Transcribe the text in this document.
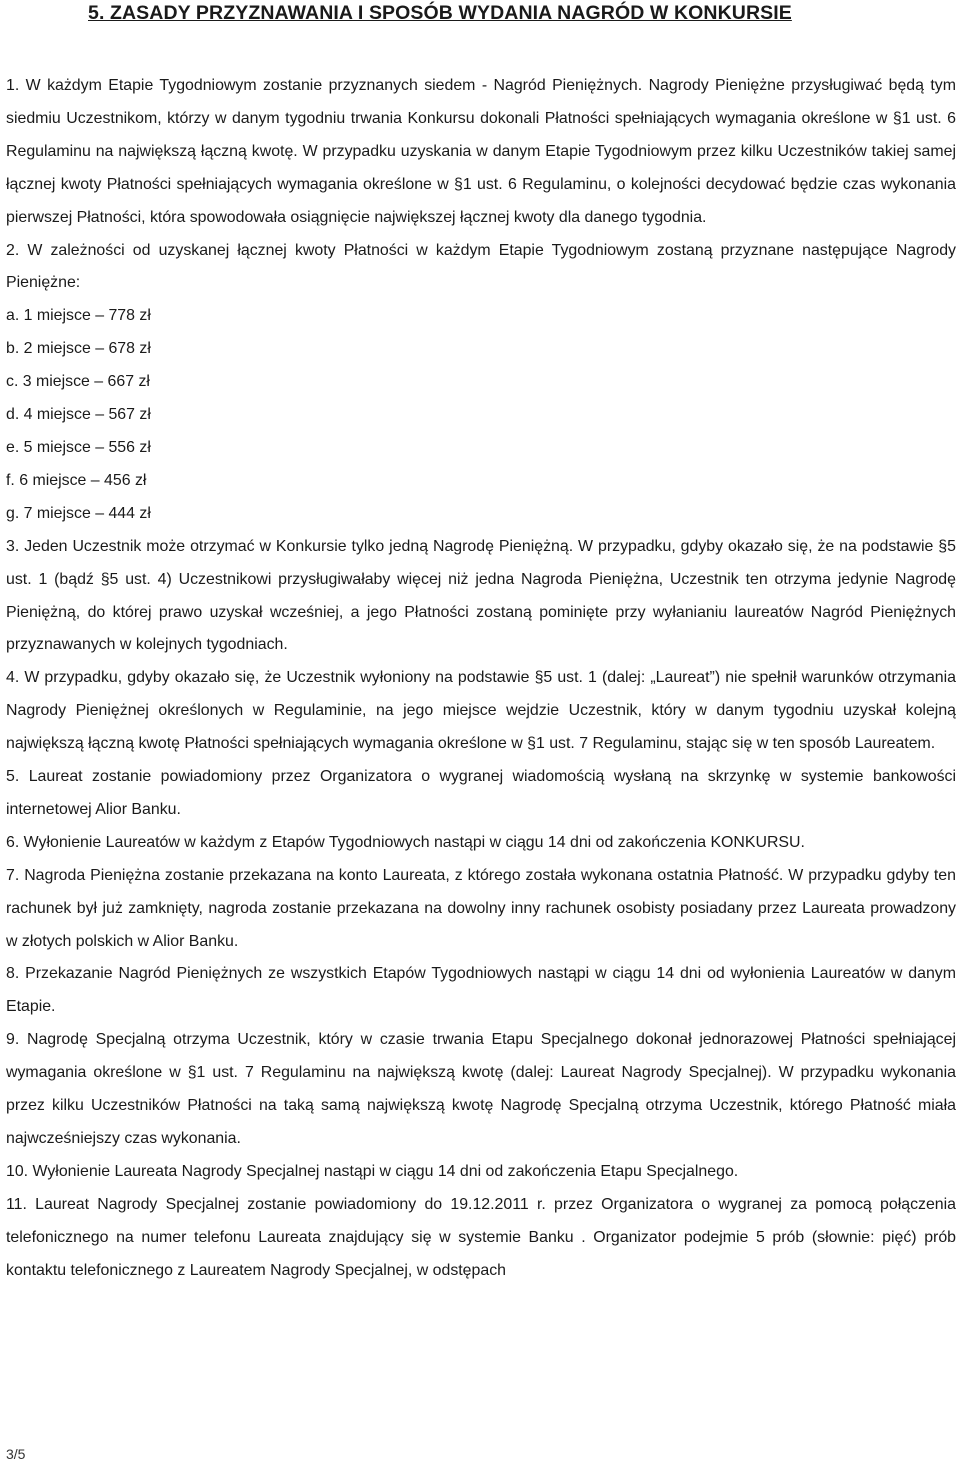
5. ZASADY PRZYZNAWANIA I SPOSÓB WYDANIA NAGRÓD W KONKURSIE

1. W każdym Etapie Tygodniowym zostanie przyznanych siedem - Nagród Pieniężnych. Nagrody Pieniężne przysługiwać będą tym siedmiu Uczestnikom, którzy w danym tygodniu trwania Konkursu dokonali Płatności spełniających wymagania określone w §1 ust. 6 Regulaminu na największą łączną kwotę. W przypadku uzyskania w danym Etapie Tygodniowym przez kilku Uczestników takiej samej łącznej kwoty Płatności spełniających wymagania określone w §1 ust. 6 Regulaminu, o kolejności decydować będzie czas wykonania pierwszej Płatności, która spowodowała osiągnięcie największej łącznej kwoty dla danego tygodnia.

2. W zależności od uzyskanej łącznej kwoty Płatności w każdym Etapie Tygodniowym zostaną przyznane następujące Nagrody Pieniężne:

a. 1 miejsce – 778 zł

b. 2 miejsce – 678 zł

c. 3 miejsce – 667 zł

d. 4 miejsce – 567 zł

e. 5 miejsce – 556 zł

f. 6 miejsce – 456 zł

g. 7 miejsce – 444 zł

3. Jeden Uczestnik może otrzymać w Konkursie tylko jedną Nagrodę Pieniężną. W przypadku, gdyby okazało się, że na podstawie §5 ust. 1 (bądź §5 ust. 4) Uczestnikowi przysługiwałaby więcej niż jedna Nagroda Pieniężna, Uczestnik ten otrzyma jedynie Nagrodę Pieniężną, do której prawo uzyskał wcześniej, a jego Płatności zostaną pominięte przy wyłanianiu laureatów Nagród Pieniężnych przyznawanych w kolejnych tygodniach.

4. W przypadku, gdyby okazało się, że Uczestnik wyłoniony na podstawie §5 ust. 1 (dalej: „Laureat”) nie spełnił warunków otrzymania Nagrody Pieniężnej określonych w Regulaminie, na jego miejsce wejdzie Uczestnik, który w danym tygodniu uzyskał kolejną największą łączną kwotę Płatności spełniających wymagania określone w §1 ust. 7 Regulaminu, stając się w ten sposób Laureatem.

5. Laureat zostanie powiadomiony przez Organizatora o wygranej wiadomością wysłaną na skrzynkę w systemie bankowości internetowej Alior Banku.

6. Wyłonienie Laureatów w każdym z Etapów Tygodniowych nastąpi w ciągu 14 dni od zakończenia KONKURSU.

7. Nagroda Pieniężna zostanie przekazana na konto Laureata, z którego została wykonana ostatnia Płatność. W przypadku gdyby ten rachunek był już zamknięty, nagroda zostanie przekazana na dowolny inny rachunek osobisty posiadany przez Laureata prowadzony w złotych polskich w Alior Banku.

8. Przekazanie Nagród Pieniężnych ze wszystkich Etapów Tygodniowych nastąpi w ciągu 14 dni od wyłonienia Laureatów w danym Etapie.

9. Nagrodę Specjalną otrzyma Uczestnik, który w czasie trwania Etapu Specjalnego dokonał jednorazowej Płatności spełniającej wymagania określone w §1 ust. 7 Regulaminu na największą kwotę (dalej: Laureat Nagrody Specjalnej). W przypadku wykonania przez kilku Uczestników Płatności na taką samą największą kwotę Nagrodę Specjalną otrzyma Uczestnik, którego Płatność miała najwcześniejszy czas wykonania.

10. Wyłonienie Laureata Nagrody Specjalnej nastąpi w ciągu 14 dni od zakończenia Etapu Specjalnego.

11. Laureat Nagrody Specjalnej zostanie powiadomiony do 19.12.2011 r. przez Organizatora o wygranej za pomocą połączenia telefonicznego na numer telefonu Laureata znajdujący się w systemie Banku . Organizator podejmie 5 prób (słownie: pięć) prób kontaktu telefonicznego z Laureatem Nagrody Specjalnej, w odstępach

3/5
